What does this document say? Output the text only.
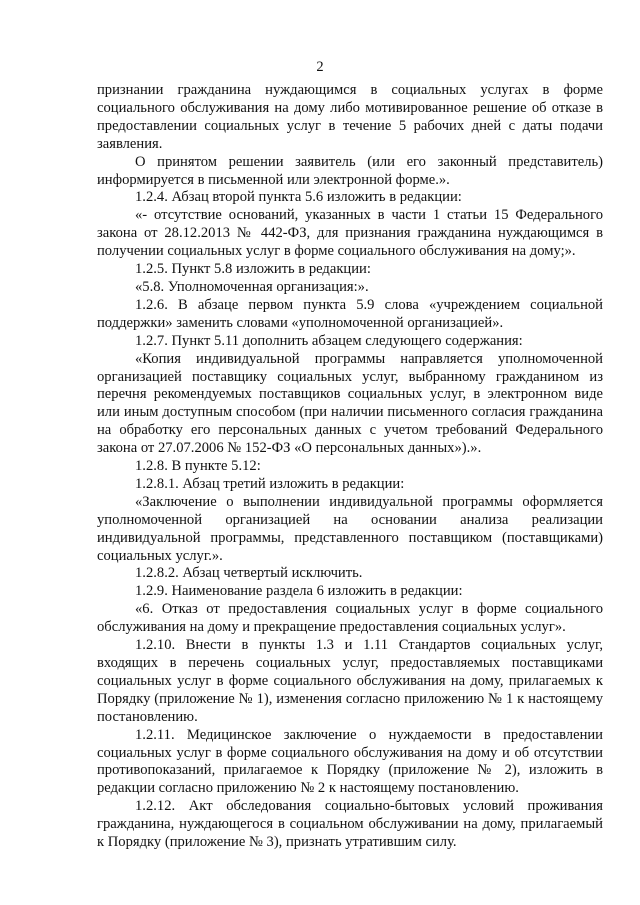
2

признании гражданина нуждающимся в социальных услугах в форме социального обслуживания на дому либо мотивированное решение об отказе в предоставлении социальных услуг в течение 5 рабочих дней с даты подачи заявления.

О принятом решении заявитель (или его законный представитель) информируется в письменной или электронной форме.».

1.2.4. Абзац второй пункта 5.6 изложить в редакции:

«- отсутствие оснований, указанных в части 1 статьи 15 Федерального закона от 28.12.2013 № 442-ФЗ, для признания гражданина нуждающимся в получении социальных услуг в форме социального обслуживания на дому;».

1.2.5. Пункт 5.8 изложить в редакции:

«5.8. Уполномоченная организация:».

1.2.6. В абзаце первом пункта 5.9 слова «учреждением социальной поддержки» заменить словами «уполномоченной организацией».

1.2.7. Пункт 5.11 дополнить абзацем следующего содержания:

«Копия индивидуальной программы направляется уполномоченной организацией поставщику социальных услуг, выбранному гражданином из перечня рекомендуемых поставщиков социальных услуг, в электронном виде или иным доступным способом (при наличии письменного согласия гражданина на обработку его персональных данных с учетом требований Федерального закона от 27.07.2006 № 152-ФЗ «О персональных данных»).».

1.2.8. В пункте 5.12:

1.2.8.1. Абзац третий изложить в редакции:

«Заключение о выполнении индивидуальной программы оформляется уполномоченной организацией на основании анализа реализации индивидуальной программы, представленного поставщиком (поставщиками) социальных услуг.».

1.2.8.2. Абзац четвертый исключить.

1.2.9. Наименование раздела 6 изложить в редакции:

«6. Отказ от предоставления социальных услуг в форме социального обслуживания на дому и прекращение предоставления социальных услуг».

1.2.10. Внести в пункты 1.3 и 1.11 Стандартов социальных услуг, входящих в перечень социальных услуг, предоставляемых поставщиками социальных услуг в форме социального обслуживания на дому, прилагаемых к Порядку (приложение № 1), изменения согласно приложению № 1 к настоящему постановлению.

1.2.11. Медицинское заключение о нуждаемости в предоставлении социальных услуг в форме социального обслуживания на дому и об отсутствии противопоказаний, прилагаемое к Порядку (приложение № 2), изложить в редакции согласно приложению № 2 к настоящему постановлению.

1.2.12. Акт обследования социально-бытовых условий проживания гражданина, нуждающегося в социальном обслуживании на дому, прилагаемый к Порядку (приложение № 3), признать утратившим силу.
